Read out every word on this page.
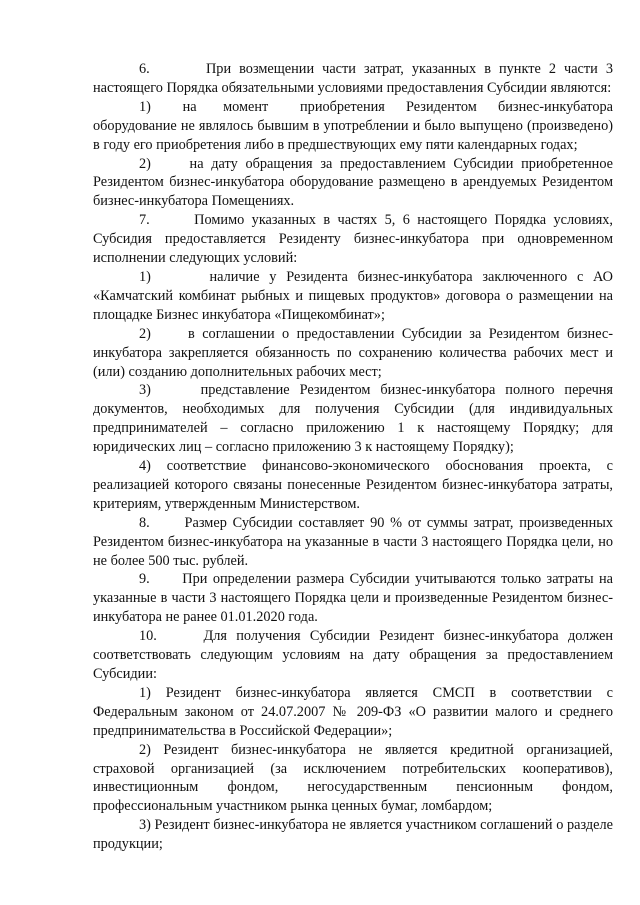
6.       При возмещении части затрат, указанных в пункте 2 части 3 настоящего Порядка обязательными условиями предоставления Субсидии являются:

1)      на     момент      приобретения    Резидентом    бизнес-инкубатора оборудование не являлось бывшим в употреблении и было выпущено (произведено) в году его приобретения либо в предшествующих ему пяти календарных годах;

2)     на дату обращения за предоставлением Субсидии приобретенное Резидентом бизнес-инкубатора оборудование размещено в арендуемых Резидентом бизнес-инкубатора Помещениях.

7.      Помимо указанных в частях 5, 6 настоящего Порядка условиях, Субсидия предоставляется Резиденту бизнес-инкубатора при одновременном исполнении следующих условий:

1)      наличие у Резидента бизнес-инкубатора заключенного с АО «Камчатский комбинат рыбных и пищевых продуктов» договора о размещении на площадке Бизнес инкубатора «Пищекомбинат»;

2)     в соглашении о предоставлении Субсидии за Резидентом бизнес-инкубатора закрепляется обязанность по сохранению количества рабочих мест и (или) созданию дополнительных рабочих мест;

3)     представление Резидентом бизнес-инкубатора полного перечня документов, необходимых для получения Субсидии (для индивидуальных предпринимателей – согласно приложению 1 к настоящему Порядку; для юридических лиц – согласно приложению 3 к настоящему Порядку);

4) соответствие финансово-экономического обоснования проекта, с реализацией которого связаны понесенные Резидентом бизнес-инкубатора затраты, критериям, утвержденным Министерством.

8.      Размер Субсидии составляет 90 % от суммы затрат, произведенных Резидентом бизнес-инкубатора на указанные в части 3 настоящего Порядка цели, но не более 500 тыс. рублей.

9.      При определении размера Субсидии учитываются только затраты на указанные в части 3 настоящего Порядка цели и произведенные Резидентом бизнес-инкубатора не ранее 01.01.2020 года.

10.     Для получения Субсидии Резидент бизнес-инкубатора должен соответствовать следующим условиям на дату обращения за предоставлением Субсидии:

1) Резидент бизнес-инкубатора является СМСП в соответствии с Федеральным законом от 24.07.2007 № 209-ФЗ «О развитии малого и среднего предпринимательства в Российской Федерации»;

2) Резидент бизнес-инкубатора не является кредитной организацией, страховой организацией (за исключением потребительских кооперативов), инвестиционным фондом, негосударственным пенсионным фондом, профессиональным участником рынка ценных бумаг, ломбардом;

3) Резидент бизнес-инкубатора не является участником соглашений о разделе продукции;
